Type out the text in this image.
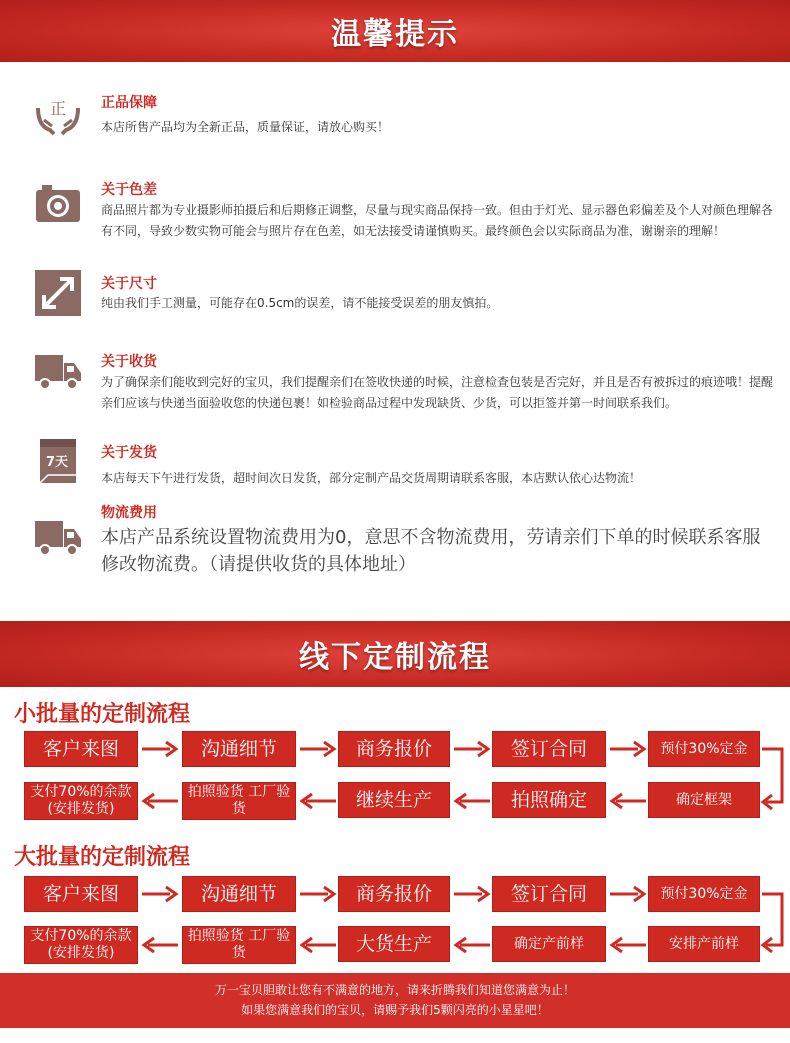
温馨提示
正 正品保障
本店所售产品均为全新正品，质量保证，请放心购买！
关于色差
商品照片都为专业摄影师拍摄后和后期修正调整，尽量与现实商品保持一致。但由于灯光、显示器色彩偏差及个人对颜色理解各有不同，导致少数实物可能会与照片存在色差，如无法接受请谨慎购买。最终颜色会以实际商品为准，谢谢亲的理解！
关于尺寸
纯由我们手工测量，可能存在0.5cm的误差，请不能接受误差的朋友慎拍。
关于收货
为了确保亲们能收到完好的宝贝，我们提醒亲们在签收快递的时候，注意检查包装是否完好，并且是否有被拆过的痕迹哦！提醒亲们应该与快递当面验收您的快递包裹！如检验商品过程中发现缺货、少货，可以拒签并第一时间联系我们。
7天
关于发货
本店每天下午进行发货，超时间次日发货，部分定制产品交货周期请联系客服，本店默认依心达物流！
物流费用
本店产品系统设置物流费用为0，意思不含物流费用，劳请亲们下单的时候联系客服修改物流费。（请提供收货的具体地址）
线下定制流程
小批量的定制流程
客户来图	沟通细节	商务报价	签订合同	预付30%定金
支付70%的余款(安排发货)
拍照验货 工厂验货	继续生产	拍照确定	确定框架
大批量的定制流程
客户来图	沟通细节	商务报价	签订合同	预付30%定金
支付70%的余款(安排发货)
拍照验货 工厂验货	大货生产	确定产前样	安排产前样
万一宝贝胆敢让您有不满意的地方，请来折腾我们知道您满意为止！
如果您满意我们的宝贝，请赐予我们5颗闪亮的小星星吧！
